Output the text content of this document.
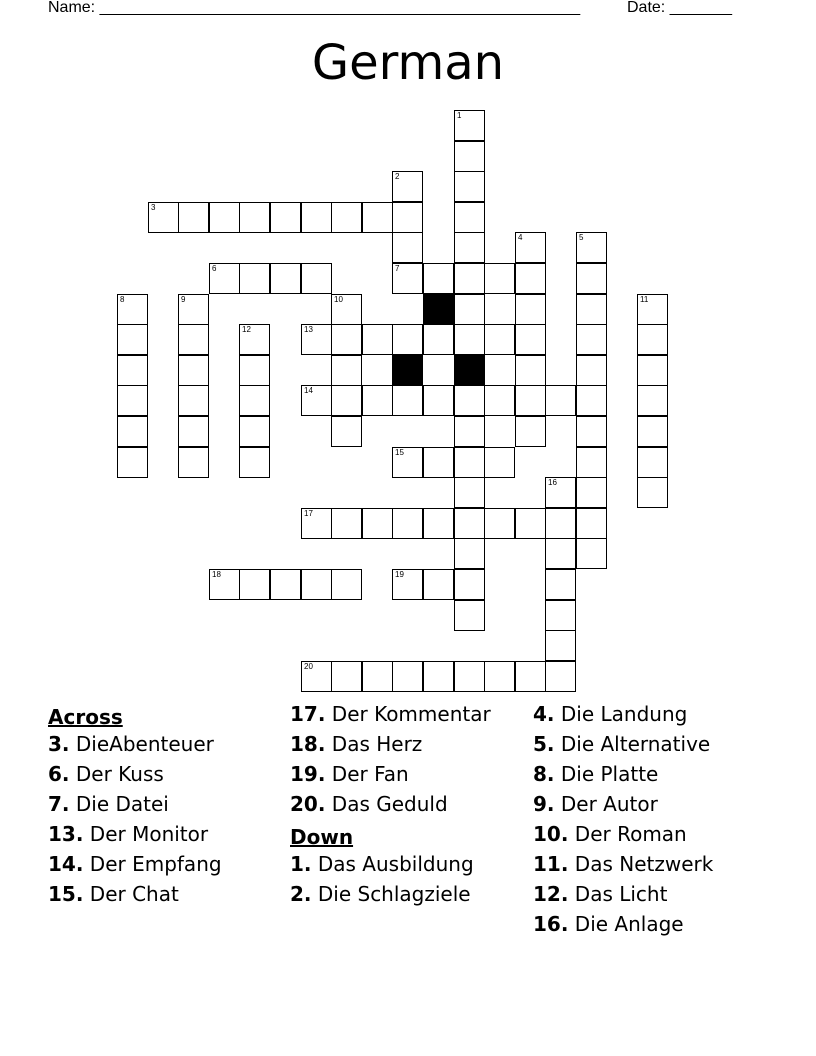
Name: ______________________________________________________	Date: _______
German
1
2
7
3
4	5
6
8	9	10	11
12	13
14
15
16
17
18	19
20
Across
3. DieAbenteuer
6. Der Kuss
7. Die Datei
13. Der Monitor
14. Der Empfang
15. Der Chat
17. Der Kommentar
18. Das Herz
19. Der Fan
20. Das Geduld
Down
1. Das Ausbildung
2. Die Schlagziele
4. Die Landung
5. Die Alternative
8. Die Platte
9. Der Autor
10. Der Roman
11. Das Netzwerk
12. Das Licht
16. Die Anlage
